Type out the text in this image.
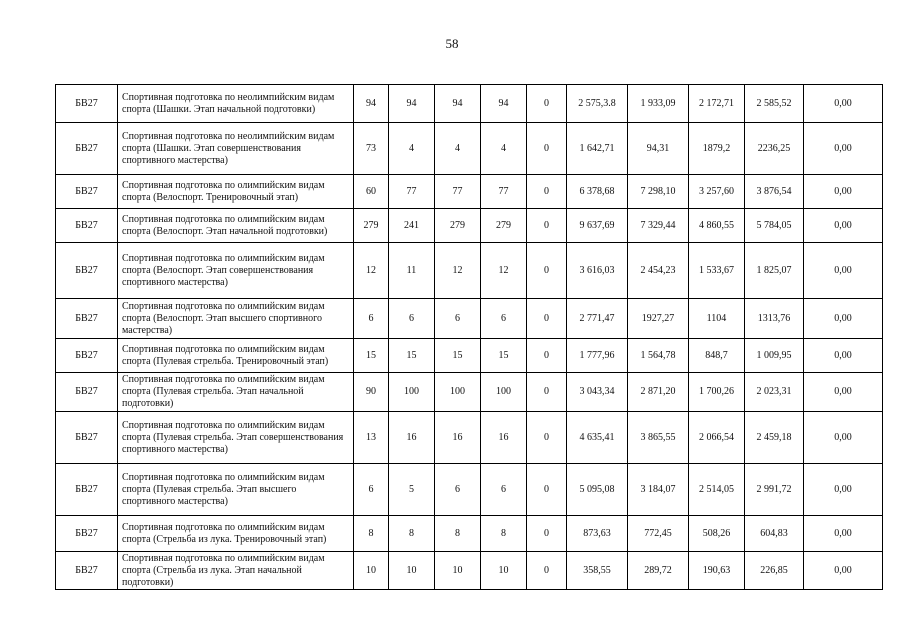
58
БВ27	Спортивная подготовка по неолимпийским видам спорта (Шашки. Этап начальной подготовки)	94	94	94	94	0	2 575,3.8	1 933,09	2 172,71	2 585,52	0,00
БВ27	Спортивная подготовка по неолимпийским видам спорта (Шашки. Этап совершенствования спортивного мастерства)	73	4	4	4	0	1 642,71	94,31	1879,2	2236,25	0,00
БВ27	Спортивная подготовка по олимпийским видам спорта (Велоспорт. Тренировочный этап)	60	77	77	77	0	6 378,68	7 298,10	3 257,60	3 876,54	0,00
БВ27	Спортивная подготовка по олимпийским видам спорта (Велоспорт. Этап начальной подготовки)	279	241	279	279	0	9 637,69	7 329,44	4 860,55	5 784,05	0,00
БВ27	Спортивная подготовка по олимпийским видам спорта (Велоспорт. Этап совершенствования спортивного мастерства)	12	11	12	12	0	3 616,03	2 454,23	1 533,67	1 825,07	0,00
БВ27	Спортивная подготовка по олимпийским видам спорта (Велоспорт. Этап высшего спортивного мастерства)	6	6	6	6	0	2 771,47	1927,27	1104	1313,76	0,00
БВ27	Спортивная подготовка по олимпийским видам спорта (Пулевая стрельба. Тренировочный этап)	15	15	15	15	0	1 777,96	1 564,78	848,7	1 009,95	0,00
БВ27	Спортивная подготовка по олимпийским видам спорта (Пулевая стрельба. Этап начальной подготовки)	90	100	100	100	0	3 043,34	2 871,20	1 700,26	2 023,31	0,00
БВ27	Спортивная подготовка по олимпийским видам спорта (Пулевая стрельба. Этап совершенствования спортивного мастерства)	13	16	16	16	0	4 635,41	3 865,55	2 066,54	2 459,18	0,00
БВ27	Спортивная подготовка по олимпийским видам спорта (Пулевая стрельба. Этап высшего спортивного мастерства)	6	5	6	6	0	5 095,08	3 184,07	2 514,05	2 991,72	0,00
БВ27	Спортивная подготовка по олимпийским видам спорта (Стрельба из лука. Тренировочный этап)	8	8	8	8	0	873,63	772,45	508,26	604,83	0,00
БВ27	Спортивная подготовка по олимпийским видам спорта (Стрельба из лука. Этап начальной подготовки)	10	10	10	10	0	358,55	289,72	190,63	226,85	0,00
